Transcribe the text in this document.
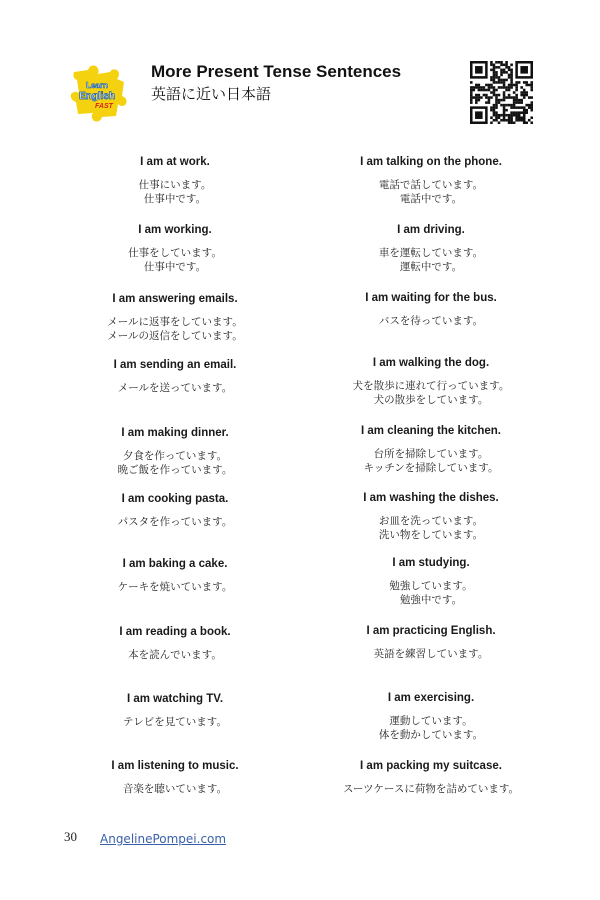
Learn
English
FAST
More Present Tense Sentences
英語に近い日本語
I am at work.
仕事にいます。
仕事中です。
I am working.
仕事をしています。
仕事中です。
I am answering emails.
メールに返事をしています。
メールの返信をしています。
I am sending an email.
メールを送っています。
I am making dinner.
夕食を作っています。
晩ご飯を作っています。
I am cooking pasta.
パスタを作っています。
I am baking a cake.
ケーキを焼いています。
I am reading a book.
本を読んでいます。
I am watching TV.
テレビを見ています。
I am listening to music.
音楽を聴いています。
I am talking on the phone.
電話で話しています。
電話中です。
I am driving.
車を運転しています。
運転中です。
I am waiting for the bus.
バスを待っています。
I am walking the dog.
犬を散歩に連れて行っています。
犬の散歩をしています。
I am cleaning the kitchen.
台所を掃除しています。
キッチンを掃除しています。
I am washing the dishes.
お皿を洗っています。
洗い物をしています。
I am studying.
勉強しています。
勉強中です。
I am practicing English.
英語を練習しています。
I am exercising.
運動しています。
体を動かしています。
I am packing my suitcase.
スーツケースに荷物を詰めています。
30 AngelinePompei.com
